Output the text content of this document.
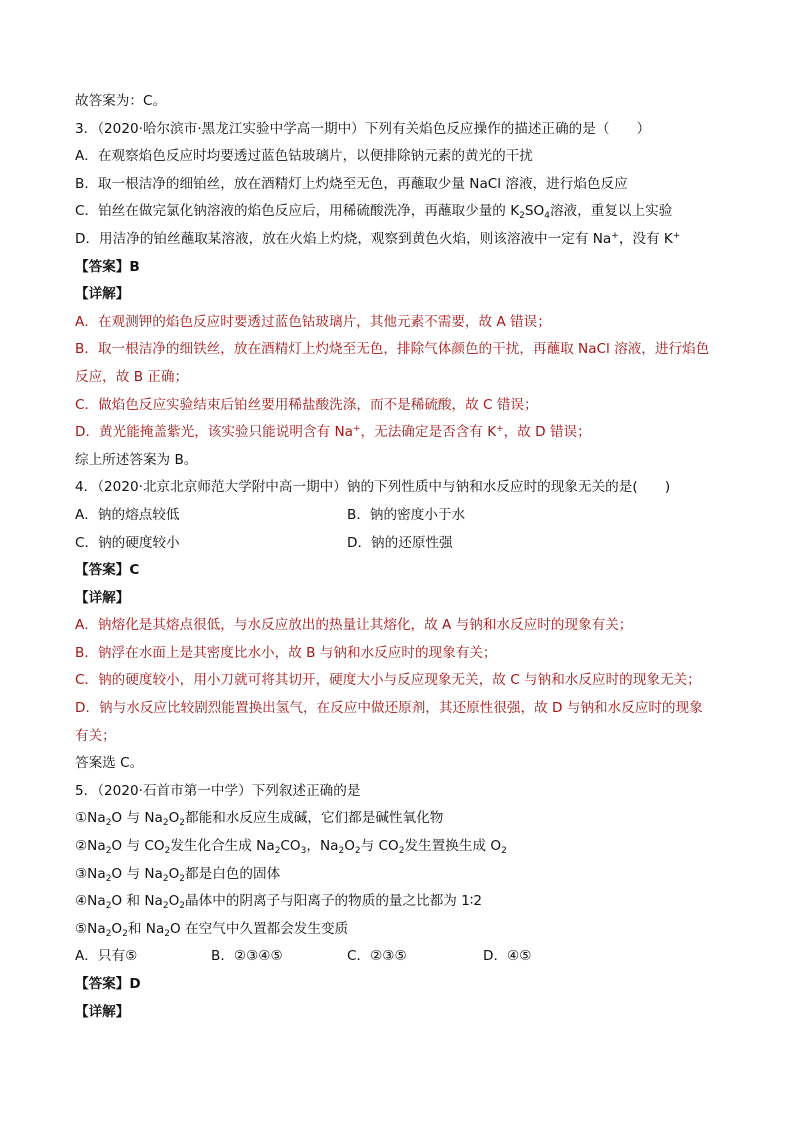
故答案为：C。
3．（2020·哈尔滨市·黑龙江实验中学高一期中）下列有关焰色反应操作的描述正确的是（　　）
A．在观察焰色反应时均要透过蓝色钴玻璃片，以便排除钠元素的黄光的干扰
B．取一根洁净的细铂丝，放在酒精灯上灼烧至无色，再蘸取少量 NaCl 溶液，进行焰色反应
C．铂丝在做完氯化钠溶液的焰色反应后，用稀硫酸洗净，再蘸取少量的 $K_2SO_4$溶液，重复以上实验
D．用洁净的铂丝蘸取某溶液，放在火焰上灼烧，观察到黄色火焰，则该溶液中一定有 Na+，没有 K+
【答案】B
【详解】
A．在观测钾的焰色反应时要透过蓝色钴玻璃片，其他元素不需要，故 A 错误；
B．取一根洁净的细铁丝，放在酒精灯上灼烧至无色，排除气体颜色的干扰，再蘸取 NaCl 溶液，进行焰色
反应，故 B 正确；
C．做焰色反应实验结束后铂丝要用稀盐酸洗涤，而不是稀硫酸，故 C 错误；
D．黄光能掩盖紫光，该实验只能说明含有 Na+，无法确定是否含有 K+，故 D 错误；
综上所述答案为 B。
4．（2020·北京北京师范大学附中高一期中）钠的下列性质中与钠和水反应时的现象无关的是(　　)
A．钠的熔点较低	B．钠的密度小于水
C．钠的硬度较小	D．钠的还原性强
【答案】C
【详解】
A．钠熔化是其熔点很低，与水反应放出的热量让其熔化，故 A 与钠和水反应时的现象有关；
B．钠浮在水面上是其密度比水小，故 B 与钠和水反应时的现象有关；
C．钠的硬度较小，用小刀就可将其切开，硬度大小与反应现象无关，故 C 与钠和水反应时的现象无关；
D．钠与水反应比较剧烈能置换出氢气，在反应中做还原剂，其还原性很强，故 D 与钠和水反应时的现象
有关；
答案选 C。
5．（2020·石首市第一中学）下列叙述正确的是
$①Na_2O$ 与 $Na_2O_2$都能和水反应生成碱，它们都是碱性氧化物
$②Na_2O$ 与 $CO_2$发生化合生成 $Na_2CO_3$，$Na_2O_2$与 $CO_2$发生置换生成 $O_2$
$③Na_2O$ 与 $Na_2O_2$都是白色的固体
$④Na_2O$ 和 $Na_2O_2$晶体中的阴离子与阳离子的物质的量之比都为 1∶2
$⑤Na_2O_2$和 $Na_2O$ 在空气中久置都会发生变质
A．只有⑤	B．②③④⑤	C．②③⑤	D．④⑤
【答案】D
【详解】
